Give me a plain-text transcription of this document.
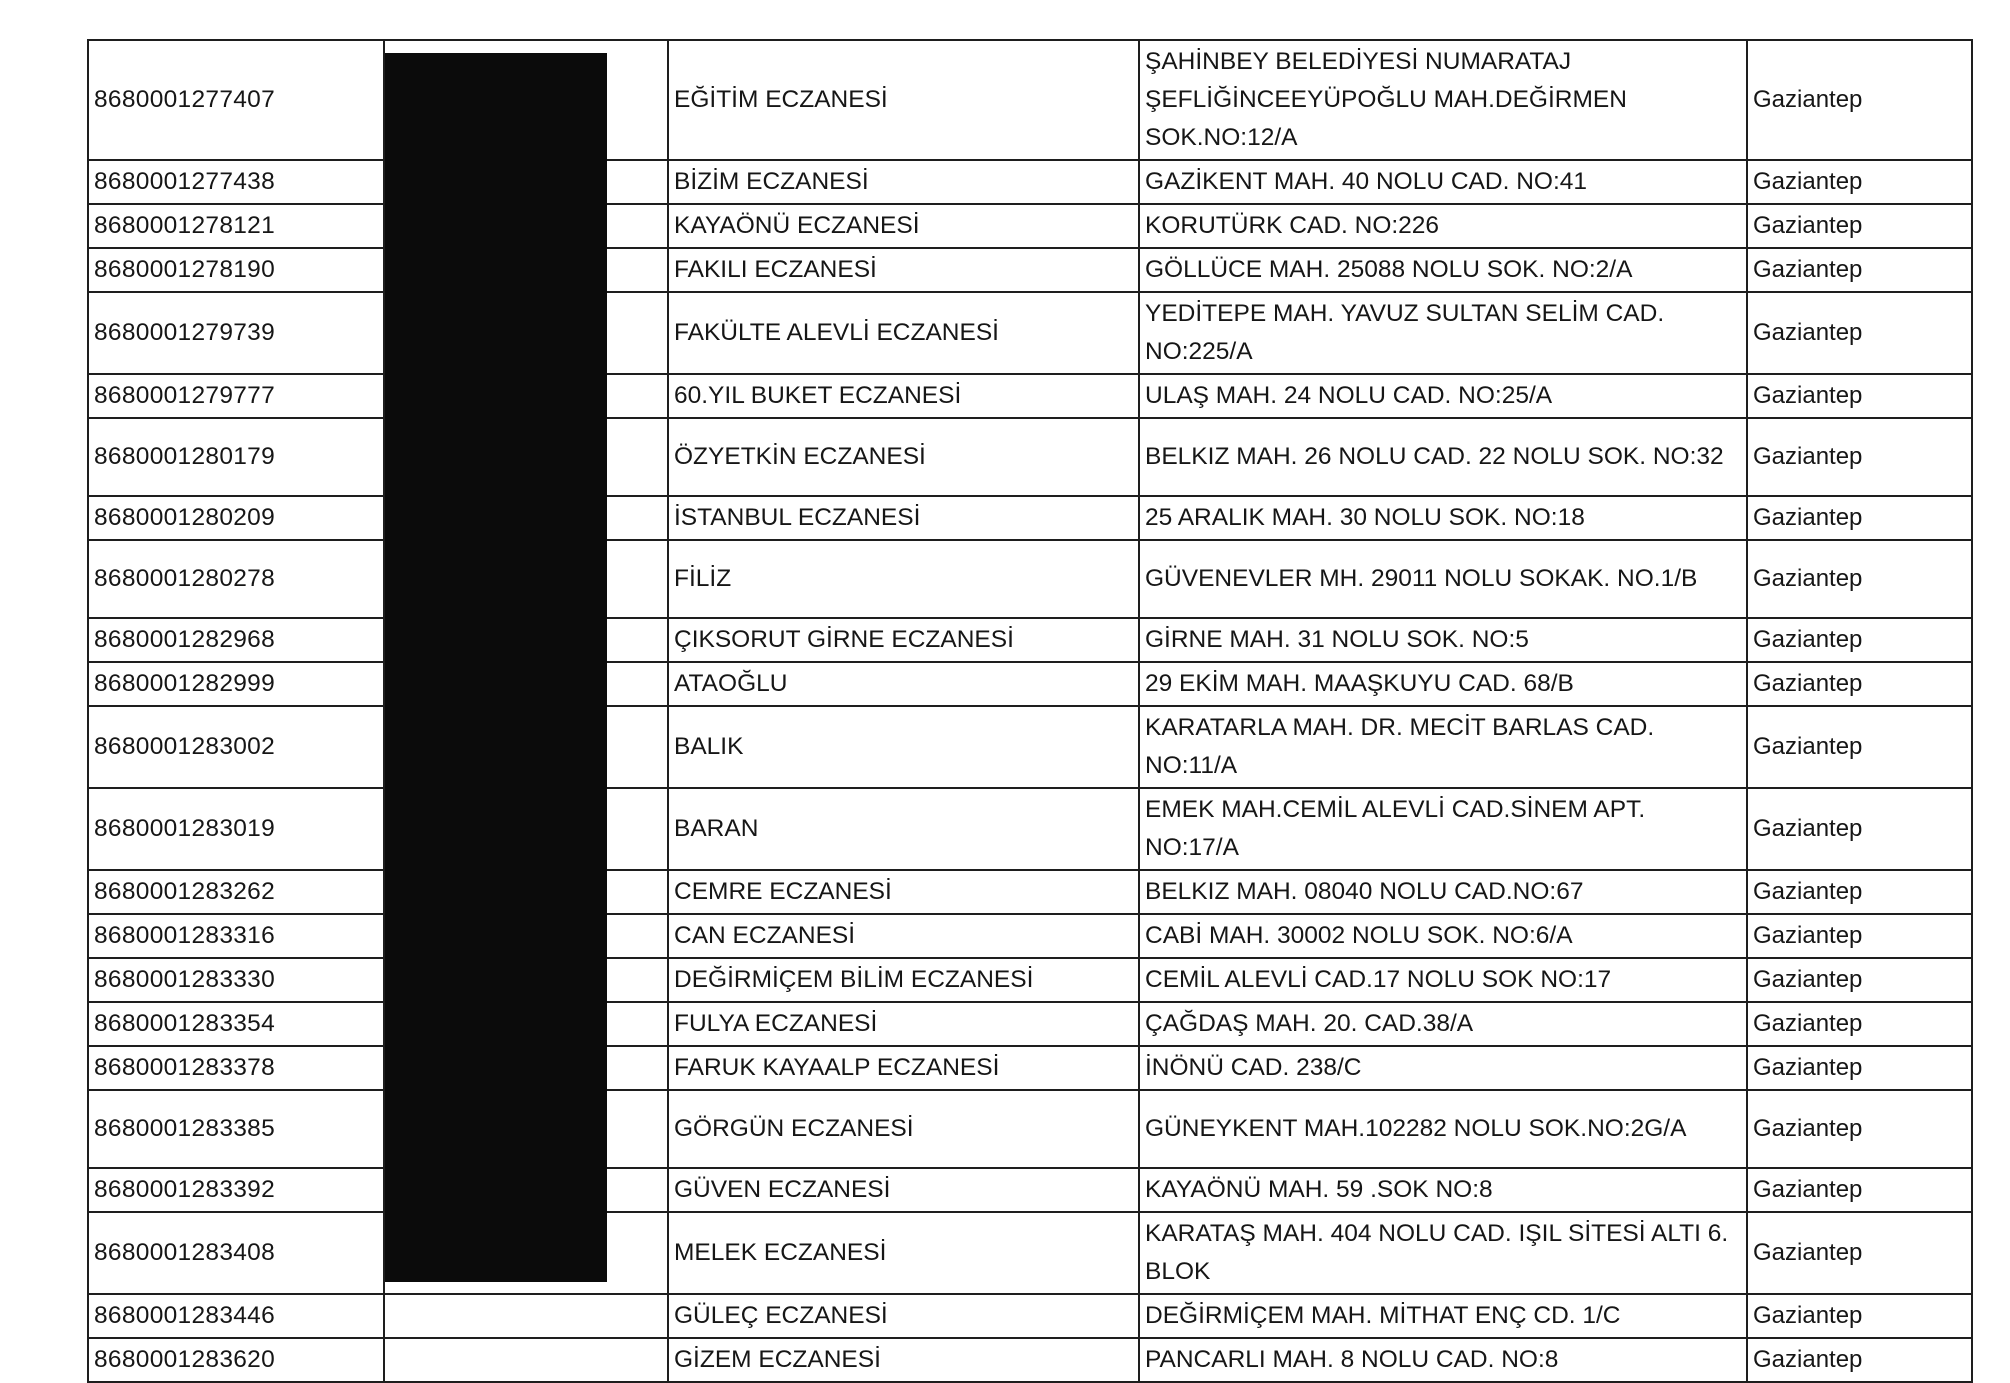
8680001277407		EĞİTİM ECZANESİ	ŞAHİNBEY BELEDİYESİ NUMARATAJ ŞEFLİĞİNCEEYÜPOĞLU MAH.DEĞİRMEN SOK.NO:12/A	Gaziantep
8680001277438		BİZİM ECZANESİ	GAZİKENT MAH. 40 NOLU CAD. NO:41	Gaziantep
8680001278121		KAYAÖNÜ ECZANESİ	KORUTÜRK CAD. NO:226	Gaziantep
8680001278190		FAKILI ECZANESİ	GÖLLÜCE MAH. 25088 NOLU SOK. NO:2/A	Gaziantep
8680001279739		FAKÜLTE ALEVLİ ECZANESİ	YEDİTEPE MAH. YAVUZ SULTAN SELİM CAD. NO:225/A	Gaziantep
8680001279777		60.YIL BUKET ECZANESİ	ULAŞ MAH. 24 NOLU CAD. NO:25/A	Gaziantep
8680001280179		ÖZYETKİN ECZANESİ	BELKIZ MAH. 26 NOLU CAD. 22 NOLU SOK. NO:32	Gaziantep
8680001280209		İSTANBUL ECZANESİ	25 ARALIK MAH. 30 NOLU SOK. NO:18	Gaziantep
8680001280278		FİLİZ	GÜVENEVLER MH. 29011 NOLU SOKAK. NO.1/B	Gaziantep
8680001282968		ÇIKSORUT GİRNE ECZANESİ	GİRNE MAH. 31 NOLU SOK. NO:5	Gaziantep
8680001282999		ATAOĞLU	29 EKİM MAH. MAAŞKUYU CAD. 68/B	Gaziantep
8680001283002		BALIK	KARATARLA MAH. DR. MECİT BARLAS CAD. NO:11/A	Gaziantep
8680001283019		BARAN	EMEK MAH.CEMİL ALEVLİ CAD.SİNEM APT. NO:17/A	Gaziantep
8680001283262		CEMRE ECZANESİ	BELKIZ MAH. 08040 NOLU CAD.NO:67	Gaziantep
8680001283316		CAN ECZANESİ	CABİ MAH. 30002 NOLU SOK. NO:6/A	Gaziantep
8680001283330		DEĞİRMİÇEM BİLİM ECZANESİ	CEMİL ALEVLİ CAD.17 NOLU SOK NO:17	Gaziantep
8680001283354		FULYA ECZANESİ	ÇAĞDAŞ MAH. 20. CAD.38/A	Gaziantep
8680001283378		FARUK KAYAALP ECZANESİ	İNÖNÜ CAD. 238/C	Gaziantep
8680001283385		GÖRGÜN ECZANESİ	GÜNEYKENT MAH.102282 NOLU SOK.NO:2G/A	Gaziantep
8680001283392		GÜVEN ECZANESİ	KAYAÖNÜ MAH. 59 .SOK NO:8	Gaziantep
8680001283408		MELEK ECZANESİ	KARATAŞ MAH. 404 NOLU CAD. IŞIL SİTESİ ALTI 6. BLOK	Gaziantep
8680001283446		GÜLEÇ ECZANESİ	DEĞİRMİÇEM MAH. MİTHAT ENÇ CD. 1/C	Gaziantep
8680001283620		GİZEM ECZANESİ	PANCARLI MAH. 8 NOLU CAD. NO:8	Gaziantep
